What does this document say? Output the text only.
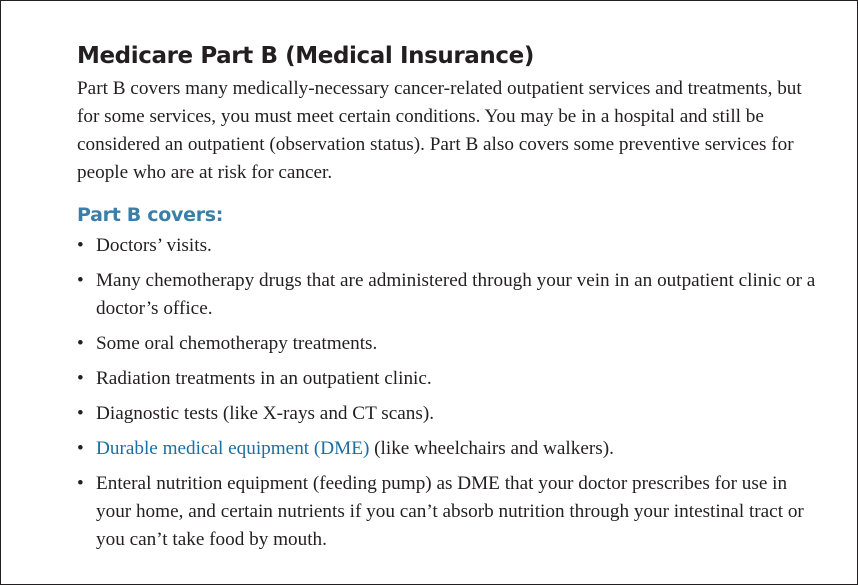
Medicare Part B (Medical Insurance)

Part B covers many medically-necessary cancer-related outpatient services and treatments, but for some services, you must meet certain conditions. You may be in a hospital and still be considered an outpatient (observation status). Part B also covers some preventive services for people who are at risk for cancer.

Part B covers:
• Doctors’ visits.
• Many chemotherapy drugs that are administered through your vein in an outpatient clinic or a doctor’s office.
• Some oral chemotherapy treatments.
• Radiation treatments in an outpatient clinic.
• Diagnostic tests (like X-rays and CT scans).
• Durable medical equipment (DME) (like wheelchairs and walkers).
• Enteral nutrition equipment (feeding pump) as DME that your doctor prescribes for use in your home, and certain nutrients if you can’t absorb nutrition through your intestinal tract or you can’t take food by mouth.
